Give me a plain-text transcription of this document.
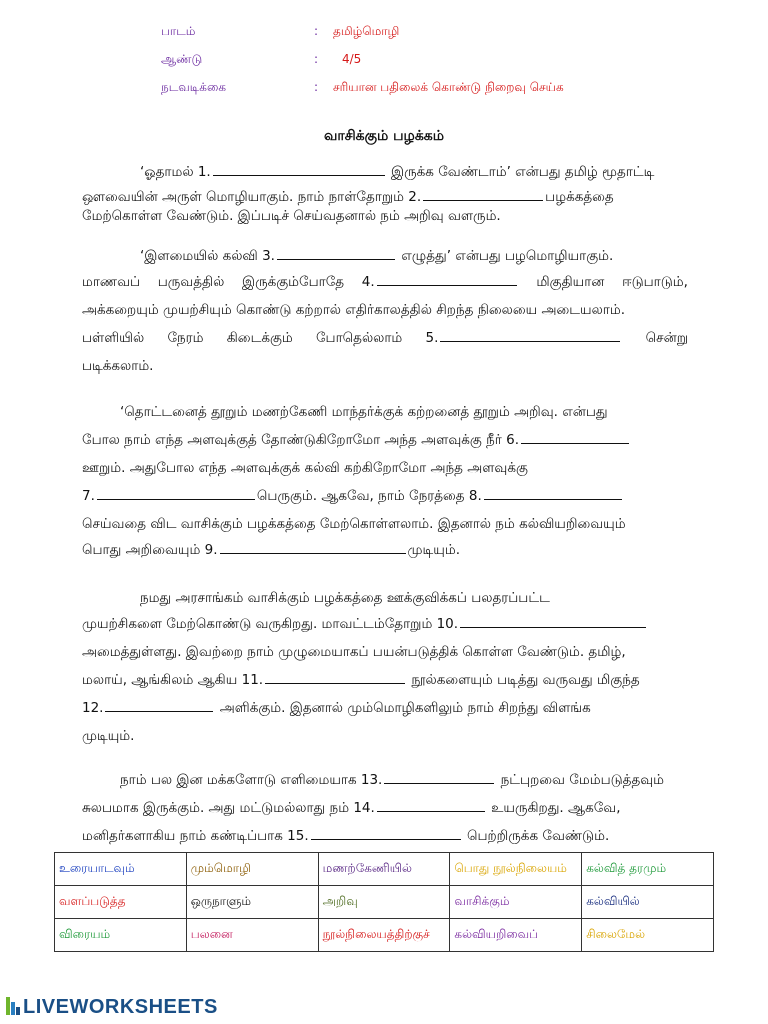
பாடம்	: தமிழ்மொழி
ஆண்டு	: 4/5
நடவடிக்கை	: சரியான பதிலைக் கொண்டு நிறைவு செய்க
வாசிக்கும் பழக்கம்
‘ஓதாமல் 1.	இருக்க வேண்டாம்’ என்பது தமிழ் மூதாட்டி
ஔவையின் அருள் மொழியாகும். நாம் நாள்தோறும் 2.	பழக்கத்தை
மேற்கொள்ள வேண்டும். இப்படிச் செய்வதனால் நம் அறிவு வளரும்.
‘இளமையில் கல்வி 3.	எழுத்து’ என்பது பழமொழியாகும்.
மாணவப் பருவத்தில் இருக்கும்போதே 4.	மிகுதியான ஈடுபாடும்,
அக்கறையும் முயற்சியும் கொண்டு கற்றால் எதிர்காலத்தில் சிறந்த நிலையை அடையலாம்.
பள்ளியில் நேரம் கிடைக்கும் போதெல்லாம் 5.	சென்று
படிக்கலாம்.
‘தொட்டனைத் தூறும் மணற்கேணி மாந்தர்க்குக் கற்றனைத் தூறும் அறிவு. என்பது
போல நாம் எந்த அளவுக்குத் தோண்டுகிறோமோ அந்த அளவுக்கு நீர் 6.
ஊறும். அதுபோல எந்த அளவுக்குக் கல்வி கற்கிறோமோ அந்த அளவுக்கு
7.	பெருகும். ஆகவே, நாம் நேரத்தை 8.
செய்வதை விட வாசிக்கும் பழக்கத்தை மேற்கொள்ளலாம். இதனால் நம் கல்வியறிவையும்
பொது அறிவையும் 9.	முடியும்.
நமது அரசாங்கம் வாசிக்கும் பழக்கத்தை ஊக்குவிக்கப் பலதரப்பட்ட
முயற்சிகளை மேற்கொண்டு வருகிறது. மாவட்டம்தோறும் 10.
அமைத்துள்ளது. இவற்றை நாம் முழுமையாகப் பயன்படுத்திக் கொள்ள வேண்டும். தமிழ்,
மலாய், ஆங்கிலம் ஆகிய 11.	நூல்களையும் படித்து வருவது மிகுந்த
12.	அளிக்கும். இதனால் மும்மொழிகளிலும் நாம் சிறந்து விளங்க
முடியும்.
நாம் பல இன மக்களோடு எளிமையாக 13.	நட்புறவை மேம்படுத்தவும்
சுலபமாக இருக்கும். அது மட்டுமல்லாது நம் 14.	உயருகிறது. ஆகவே,
மனிதர்களாகிய நாம் கண்டிப்பாக 15.	பெற்றிருக்க வேண்டும்.
உரையாடவும்	மும்மொழி	மணற்கேணியில்	பொது நூல்நிலையம்	கல்வித் தரமும்
வளப்படுத்த	ஒருநாளும்	அறிவு	வாசிக்கும்	கல்வியில்
விரையம்	பலனை	நூல்நிலையத்திற்குச்	கல்வியறிவைப்	சிலைமேல்
LIVEWORKSHEETS
